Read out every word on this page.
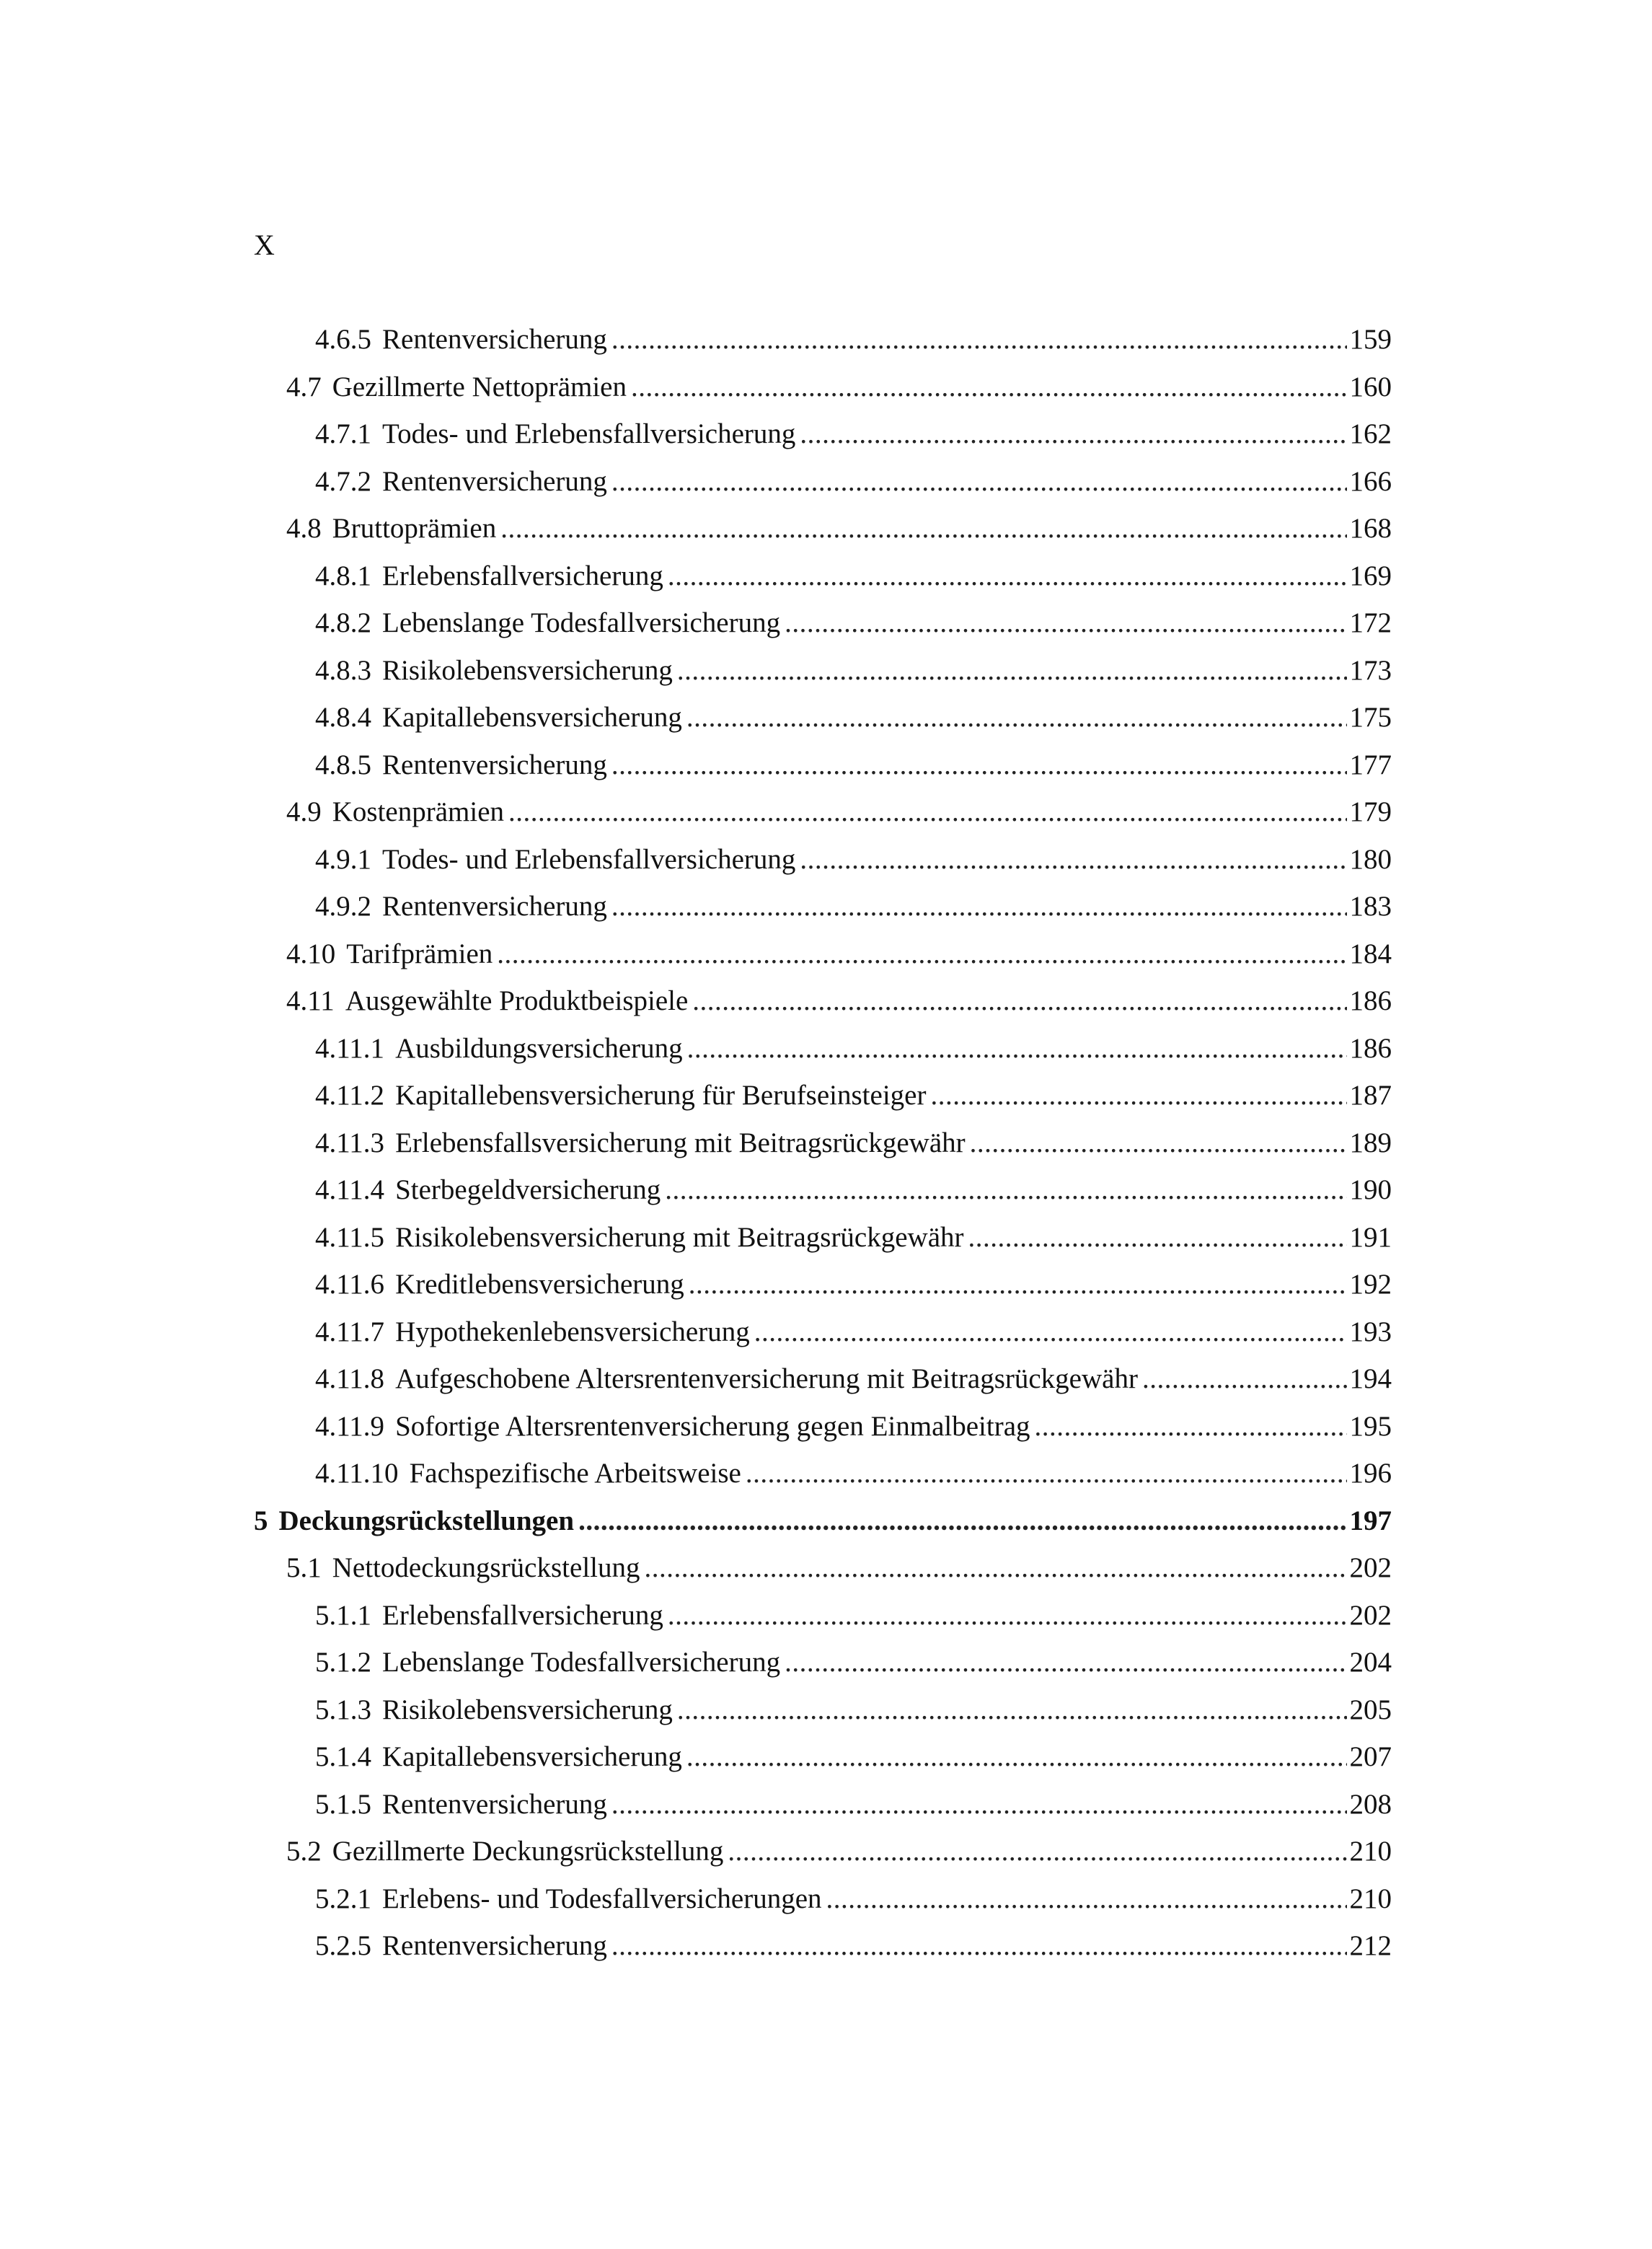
X
4.6.5 Rentenversicherung .....	159
4.7 Gezillmerte Nettoprämien .....	160
4.7.1 Todes- und Erlebensfallversicherung .....	162
4.7.2 Rentenversicherung .....	166
4.8 Bruttoprämien .....	168
4.8.1 Erlebensfallversicherung .....	169
4.8.2 Lebenslange Todesfallversicherung .....	172
4.8.3 Risikolebensversicherung .....	173
4.8.4 Kapitallebensversicherung .....	175
4.8.5 Rentenversicherung .....	177
4.9 Kostenprämien .....	179
4.9.1 Todes- und Erlebensfallversicherung .....	180
4.9.2 Rentenversicherung .....	183
4.10 Tarifprämien .....	184
4.11 Ausgewählte Produktbeispiele .....	186
4.11.1 Ausbildungsversicherung .....	186
4.11.2 Kapitallebensversicherung für Berufseinsteiger .....	187
4.11.3 Erlebensfallsversicherung mit Beitragsrückgewähr .....	189
4.11.4 Sterbegeldversicherung .....	190
4.11.5 Risikolebensversicherung mit Beitragsrückgewähr .....	191
4.11.6 Kreditlebensversicherung .....	192
4.11.7 Hypothekenlebensversicherung .....	193
4.11.8 Aufgeschobene Altersrentenversicherung mit Beitragsrückgewähr .....	194
4.11.9 Sofortige Altersrentenversicherung gegen Einmalbeitrag .....	195
4.11.10 Fachspezifische Arbeitsweise .....	196
5 Deckungsrückstellungen .....	197
5.1 Nettodeckungsrückstellung .....	202
5.1.1 Erlebensfallversicherung .....	202
5.1.2 Lebenslange Todesfallversicherung .....	204
5.1.3 Risikolebensversicherung .....	205
5.1.4 Kapitallebensversicherung .....	207
5.1.5 Rentenversicherung .....	208
5.2 Gezillmerte Deckungsrückstellung .....	210
5.2.1 Erlebens- und Todesfallversicherungen .....	210
5.2.5 Rentenversicherung .....	212
